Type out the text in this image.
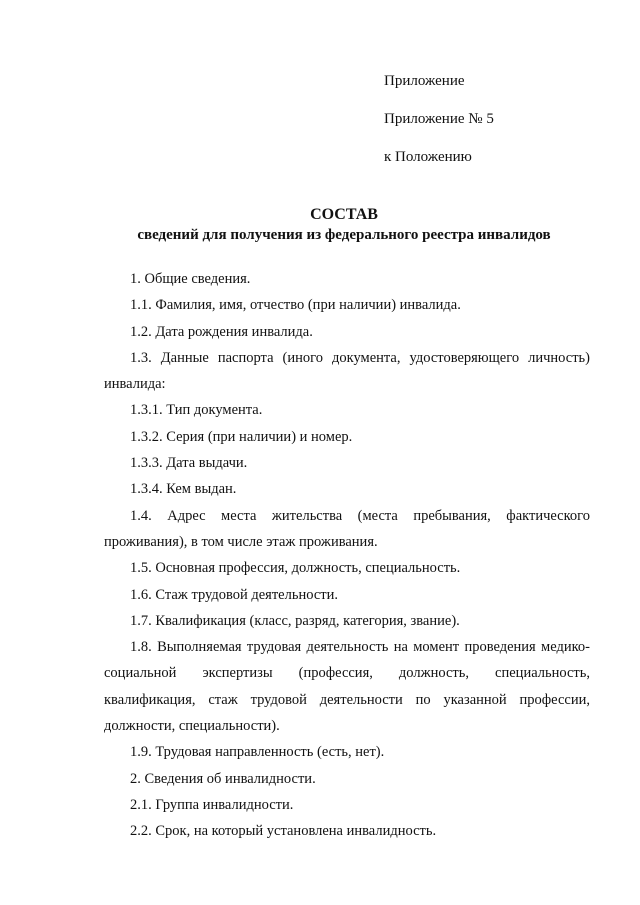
Приложение
Приложение № 5
к Положению
СОСТАВ
сведений для получения из федерального реестра инвалидов

1. Общие сведения.

1.1. Фамилия, имя, отчество (при наличии) инвалида.

1.2. Дата рождения инвалида.

1.3. Данные паспорта (иного документа, удостоверяющего личность) инвалида:

1.3.1. Тип документа.

1.3.2. Серия (при наличии) и номер.

1.3.3. Дата выдачи.

1.3.4. Кем выдан.

1.4. Адрес места жительства (места пребывания, фактического проживания), в том числе этаж проживания.

1.5. Основная профессия, должность, специальность.

1.6. Стаж трудовой деятельности.

1.7. Квалификация (класс, разряд, категория, звание).

1.8. Выполняемая трудовая деятельность на момент проведения медико-социальной экспертизы (профессия, должность, специальность, квалификация, стаж трудовой деятельности по указанной профессии, должности, специальности).

1.9. Трудовая направленность (есть, нет).

2. Сведения об инвалидности.

2.1. Группа инвалидности.

2.2. Срок, на который установлена инвалидность.
